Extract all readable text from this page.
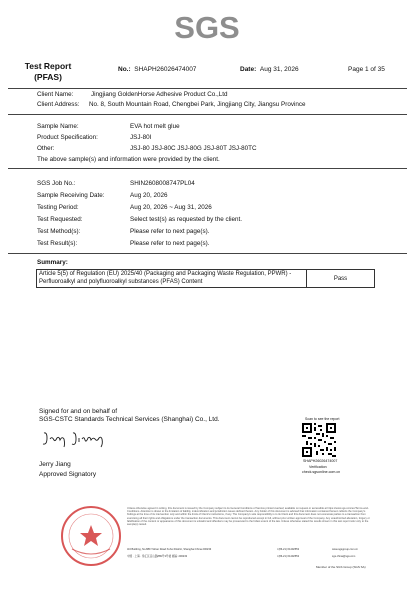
SGS
Test Report
(PFAS)
No.: SHAPH26026474007	Date: Aug 31, 2026	Page 1 of 35
Client Name:	Jingjiang GoldenHorse Adhesive Product Co.,Ltd
Client Address: No. 8, South Mountain Road, Chengbei Park, Jingjiang City, Jiangsu Province
Sample Name:	EVA hot melt glue
Product Specification:	JSJ-80I
Other:	JSJ-80 JSJ-80C JSJ-80G JSJ-80T JSJ-80TC
The above sample(s) and information were provided by the client.
SGS Job No.:	SHIN2608008747PL04
Sample Receiving Date:	Aug 20, 2026
Testing Period:	Aug 20, 2026 ~ Aug 31, 2026
Test Requested:	Select test(s) as requested by the client.
Test Method(s):	Please refer to next page(s).
Test Result(s):	Please refer to next page(s).
Summary:
Article 5(5) of Regulation (EU) 2025/40 (Packaging and Packaging Waste Regulation, PPWR) - Perfluoroalkyl and polyfluoroalkyl substances (PFAS) Content	Pass
Signed for and on behalf of
SGS-CSTC Standards Technical Services (Shanghai) Co., Ltd.
Jerry Jiang
Approved Signatory
Scan to see the report
SHAPH26026474007
Verification
check.sgsonline.com.cn
Unless otherwise agreed in writing, this document is issued by the Company subject to its General Conditions of Service printed overleaf, available on request or accessible at https://www.sgs.com/en/Terms-and-Conditions. Attention is drawn to the limitation of liability, indemnification and jurisdiction issues defined therein. Any holder of this document is advised that information contained hereon reflects the Company's findings at the time of its intervention only and within the limits of Client's instructions, if any. The Company's sole responsibility is to its Client and this document does not exonerate parties to a transaction from exercising all their rights and obligations under the transaction documents. This document cannot be reproduced except in full, without prior written approval of the Company. Any unauthorized alteration, forgery or falsification of the content or appearance of this document is unlawful and offenders may be prosecuted to the fullest extent of the law. Unless otherwise stated the results shown in this test report refer only to the sample(s) tested.
3rd Building, No.889 Yishan Road Xuhui District, Shanghai China 200233	t (86-21) 61402553	www.sgsgroup.com.cn
中国 · 上海 · 徐汇区宜山路889号3号楼 邮编: 200233	t (86-21) 61402553	sgs.china@sgs.com
Member of the SGS Group (SGS SA)
